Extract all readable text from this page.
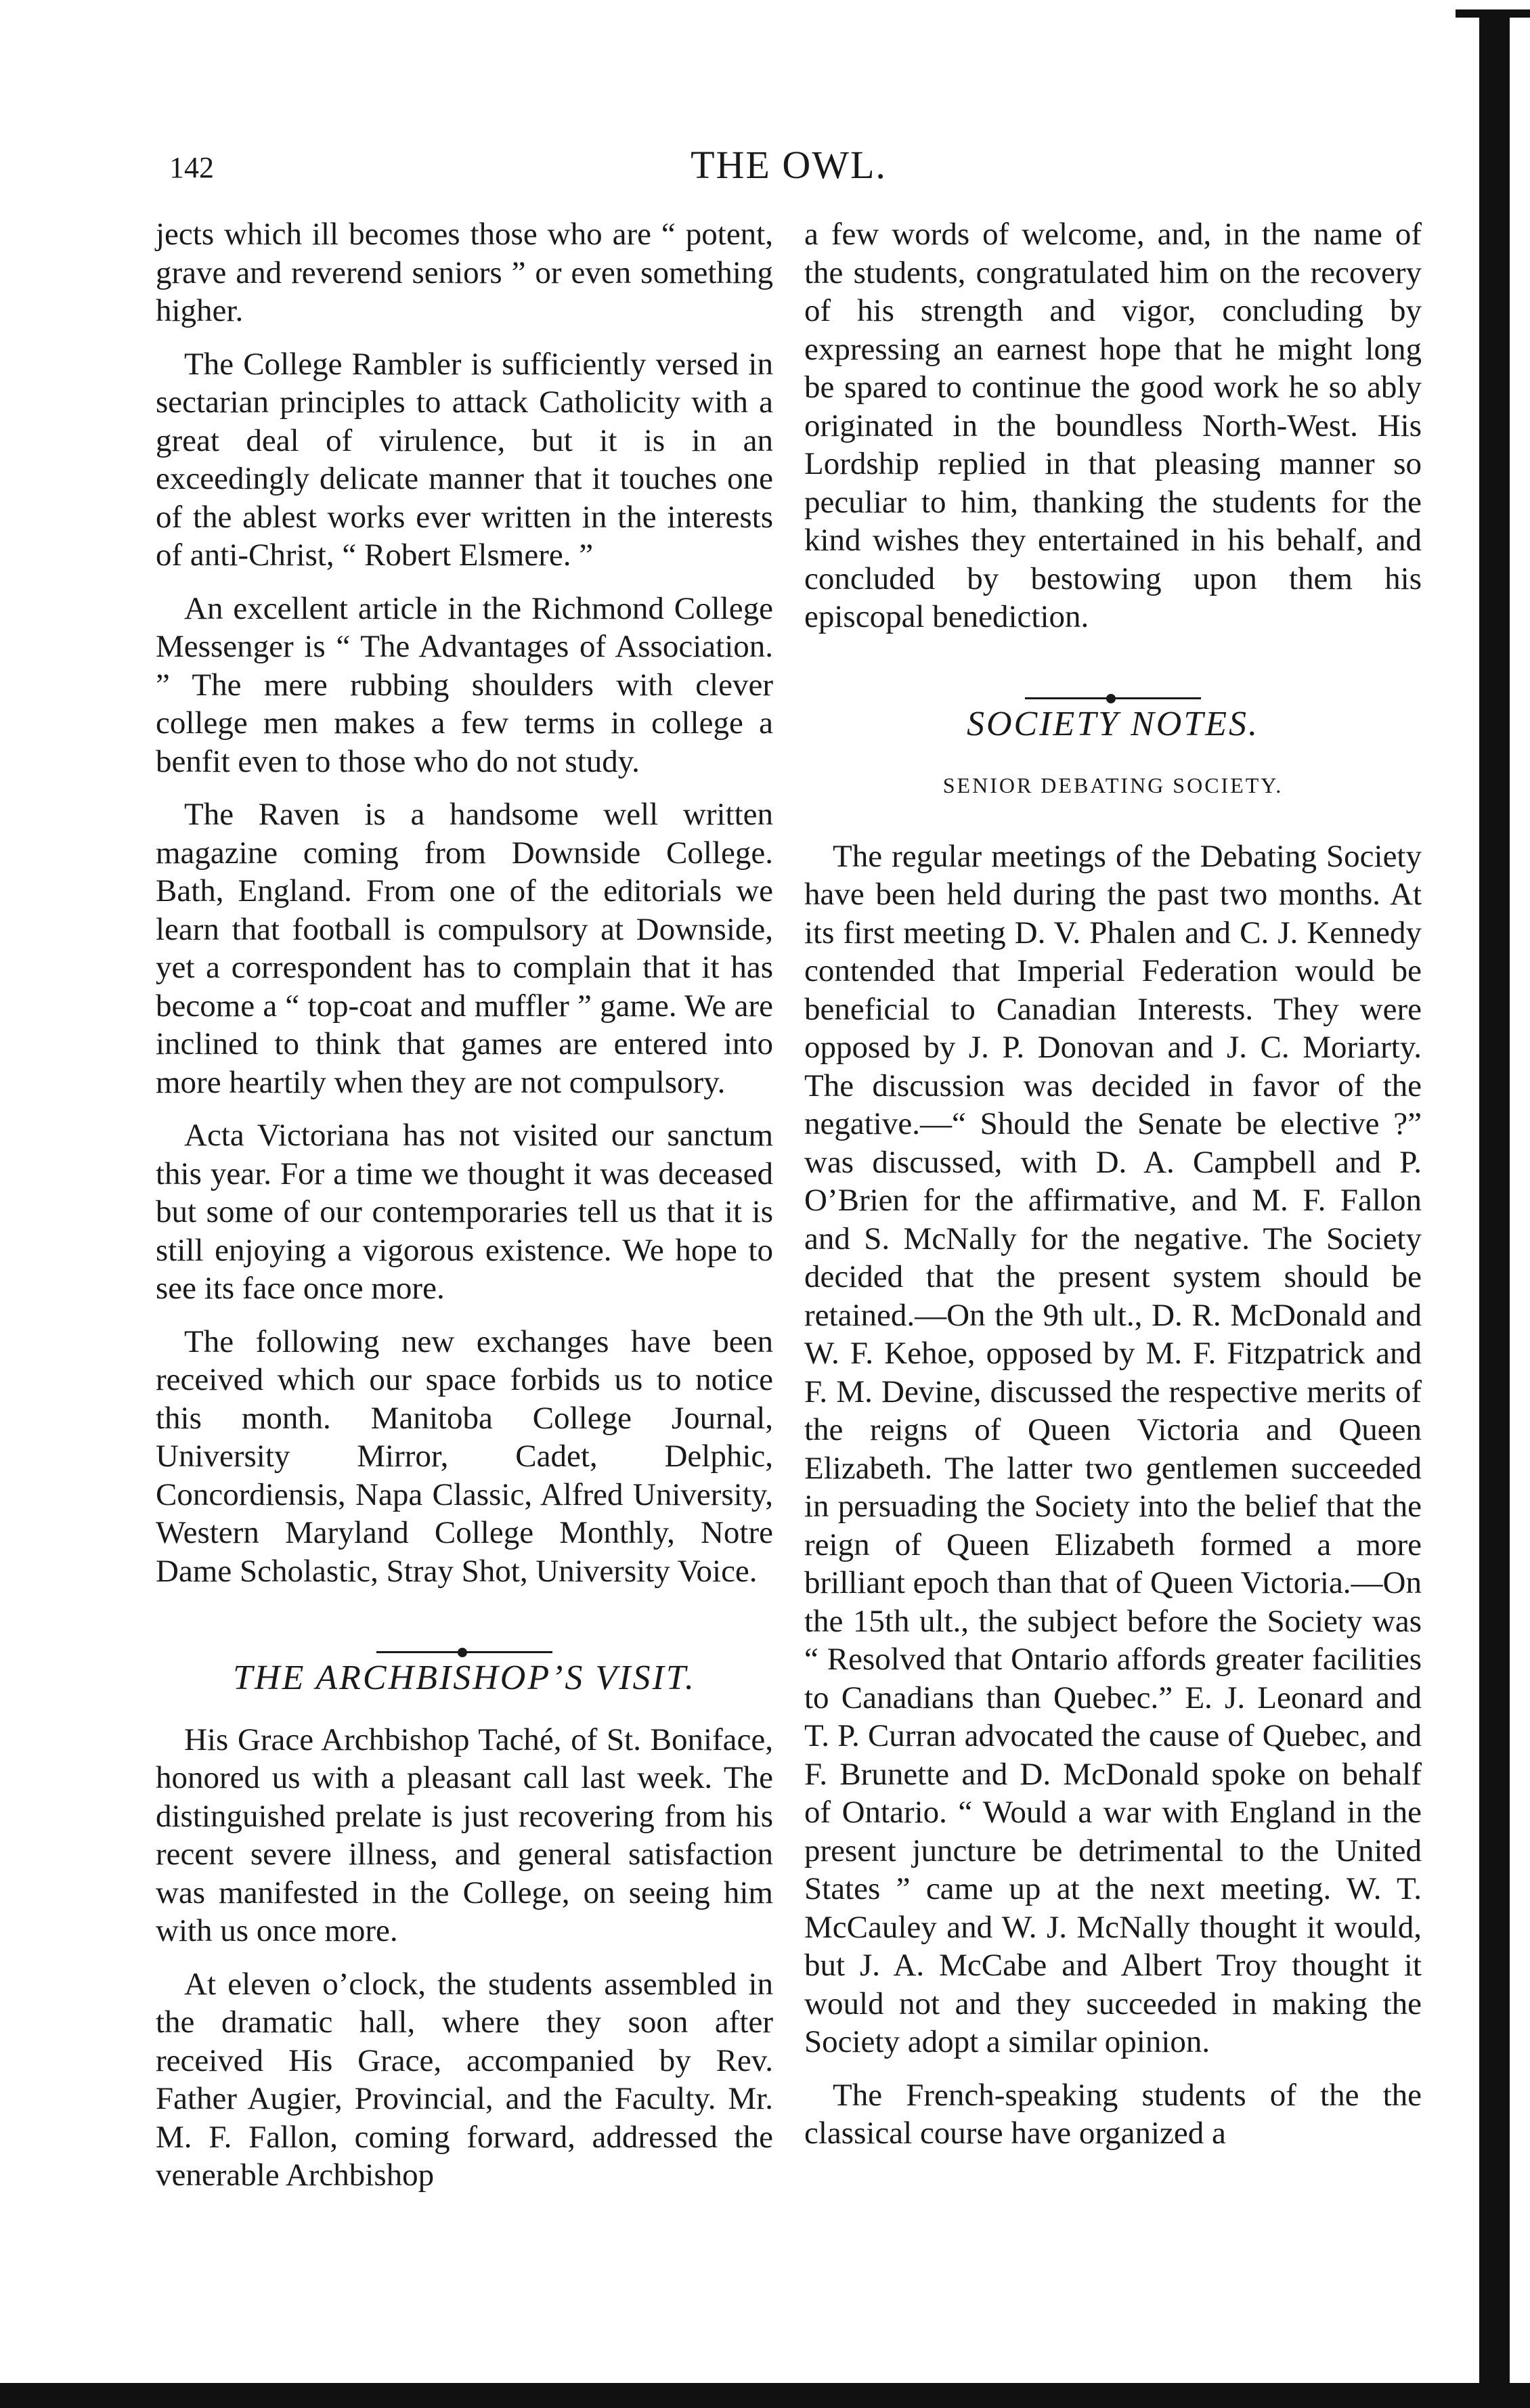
142	THE OWL.

jects which ill becomes those who are “ potent, grave and reverend seniors ” or even something higher.

The College Rambler is sufficiently versed in sectarian principles to attack Catholicity with a great deal of virulence, but it is in an exceedingly delicate manner that it touches one of the ablest works ever written in the interests of anti-Christ, “ Robert Elsmere. ”

An excellent article in the Richmond College Messenger is “ The Advantages of Association. ” The mere rubbing shoulders with clever college men makes a few terms in college a benfit even to those who do not study.

The Raven is a handsome well written magazine coming from Downside College. Bath, England. From one of the editorials we learn that football is compulsory at Downside, yet a correspondent has to complain that it has become a “ top-coat and muffler ” game. We are inclined to think that games are entered into more heartily when they are not compulsory.

Acta Victoriana has not visited our sanctum this year. For a time we thought it was deceased but some of our contemporaries tell us that it is still enjoying a vigorous existence. We hope to see its face once more.

The following new exchanges have been received which our space forbids us to notice this month. Manitoba College Journal, University Mirror, Cadet, Delphic, Concordiensis, Napa Classic, Alfred University, Western Maryland College Monthly, Notre Dame Scholastic, Stray Shot, University Voice.

THE ARCHBISHOP’S VISIT.

His Grace Archbishop Taché, of St. Boniface, honored us with a pleasant call last week. The distinguished prelate is just recovering from his recent severe illness, and general satisfaction was manifested in the College, on seeing him with us once more.

At eleven o’clock, the students assembled in the dramatic hall, where they soon after received His Grace, accompanied by Rev. Father Augier, Provincial, and the Faculty. Mr. M. F. Fallon, coming forward, addressed the venerable Archbishop

a few words of welcome, and, in the name of the students, congratulated him on the recovery of his strength and vigor, concluding by expressing an earnest hope that he might long be spared to continue the good work he so ably originated in the boundless North-West. His Lordship replied in that pleasing manner so peculiar to him, thanking the students for the kind wishes they entertained in his behalf, and concluded by bestowing upon them his episcopal benediction.

SOCIETY NOTES.
SENIOR DEBATING SOCIETY.

The regular meetings of the Debating Society have been held during the past two months. At its first meeting D. V. Phalen and C. J. Kennedy contended that Imperial Federation would be beneficial to Canadian Interests. They were opposed by J. P. Donovan and J. C. Moriarty. The discussion was decided in favor of the negative.—“ Should the Senate be elective ?” was discussed, with D. A. Campbell and P. O’Brien for the affirmative, and M. F. Fallon and S. McNally for the negative. The Society decided that the present system should be retained.—On the 9th ult., D. R. McDonald and W. F. Kehoe, opposed by M. F. Fitzpatrick and F. M. Devine, discussed the respective merits of the reigns of Queen Victoria and Queen Elizabeth. The latter two gentlemen succeeded in persuading the Society into the belief that the reign of Queen Elizabeth formed a more brilliant epoch than that of Queen Victoria.—On the 15th ult., the subject before the Society was “ Resolved that Ontario affords greater facilities to Canadians than Quebec.” E. J. Leonard and T. P. Curran advocated the cause of Quebec, and F. Brunette and D. McDonald spoke on behalf of Ontario. “ Would a war with England in the present juncture be detrimental to the United States ” came up at the next meeting. W. T. McCauley and W. J. McNally thought it would, but J. A. McCabe and Albert Troy thought it would not and they succeeded in making the Society adopt a similar opinion.

The French-speaking students of the the classical course have organized a
